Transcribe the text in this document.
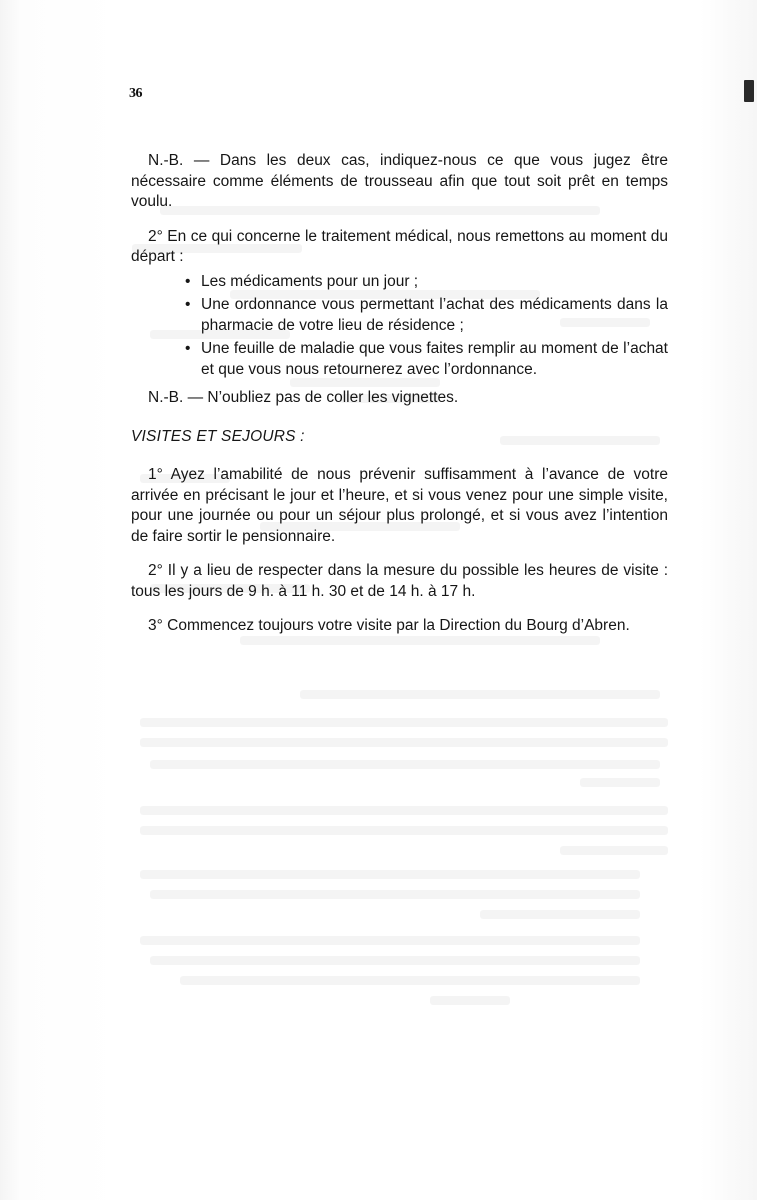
36

N.-B. — Dans les deux cas, indiquez-nous ce que vous jugez être nécessaire comme éléments de trousseau afin que tout soit prêt en temps voulu.

2° En ce qui concerne le traitement médical, nous remettons au moment du départ :

• Les médicaments pour un jour ;
• Une ordonnance vous permettant l’achat des médicaments dans la pharmacie de votre lieu de résidence ;
• Une feuille de maladie que vous faites remplir au moment de l’achat et que vous nous retournerez avec l’ordonnance.

N.-B. — N’oubliez pas de coller les vignettes.

VISITES ET SEJOURS :

1° Ayez l’amabilité de nous prévenir suffisamment à l’avance de votre arrivée en précisant le jour et l’heure, et si vous venez pour une simple visite, pour une journée ou pour un séjour plus prolongé, et si vous avez l’intention de faire sortir le pensionnaire.

2° Il y a lieu de respecter dans la mesure du possible les heures de visite : tous les jours de 9 h. à 11 h. 30 et de 14 h. à 17 h.

3° Commencez toujours votre visite par la Direction du Bourg d’Abren.
